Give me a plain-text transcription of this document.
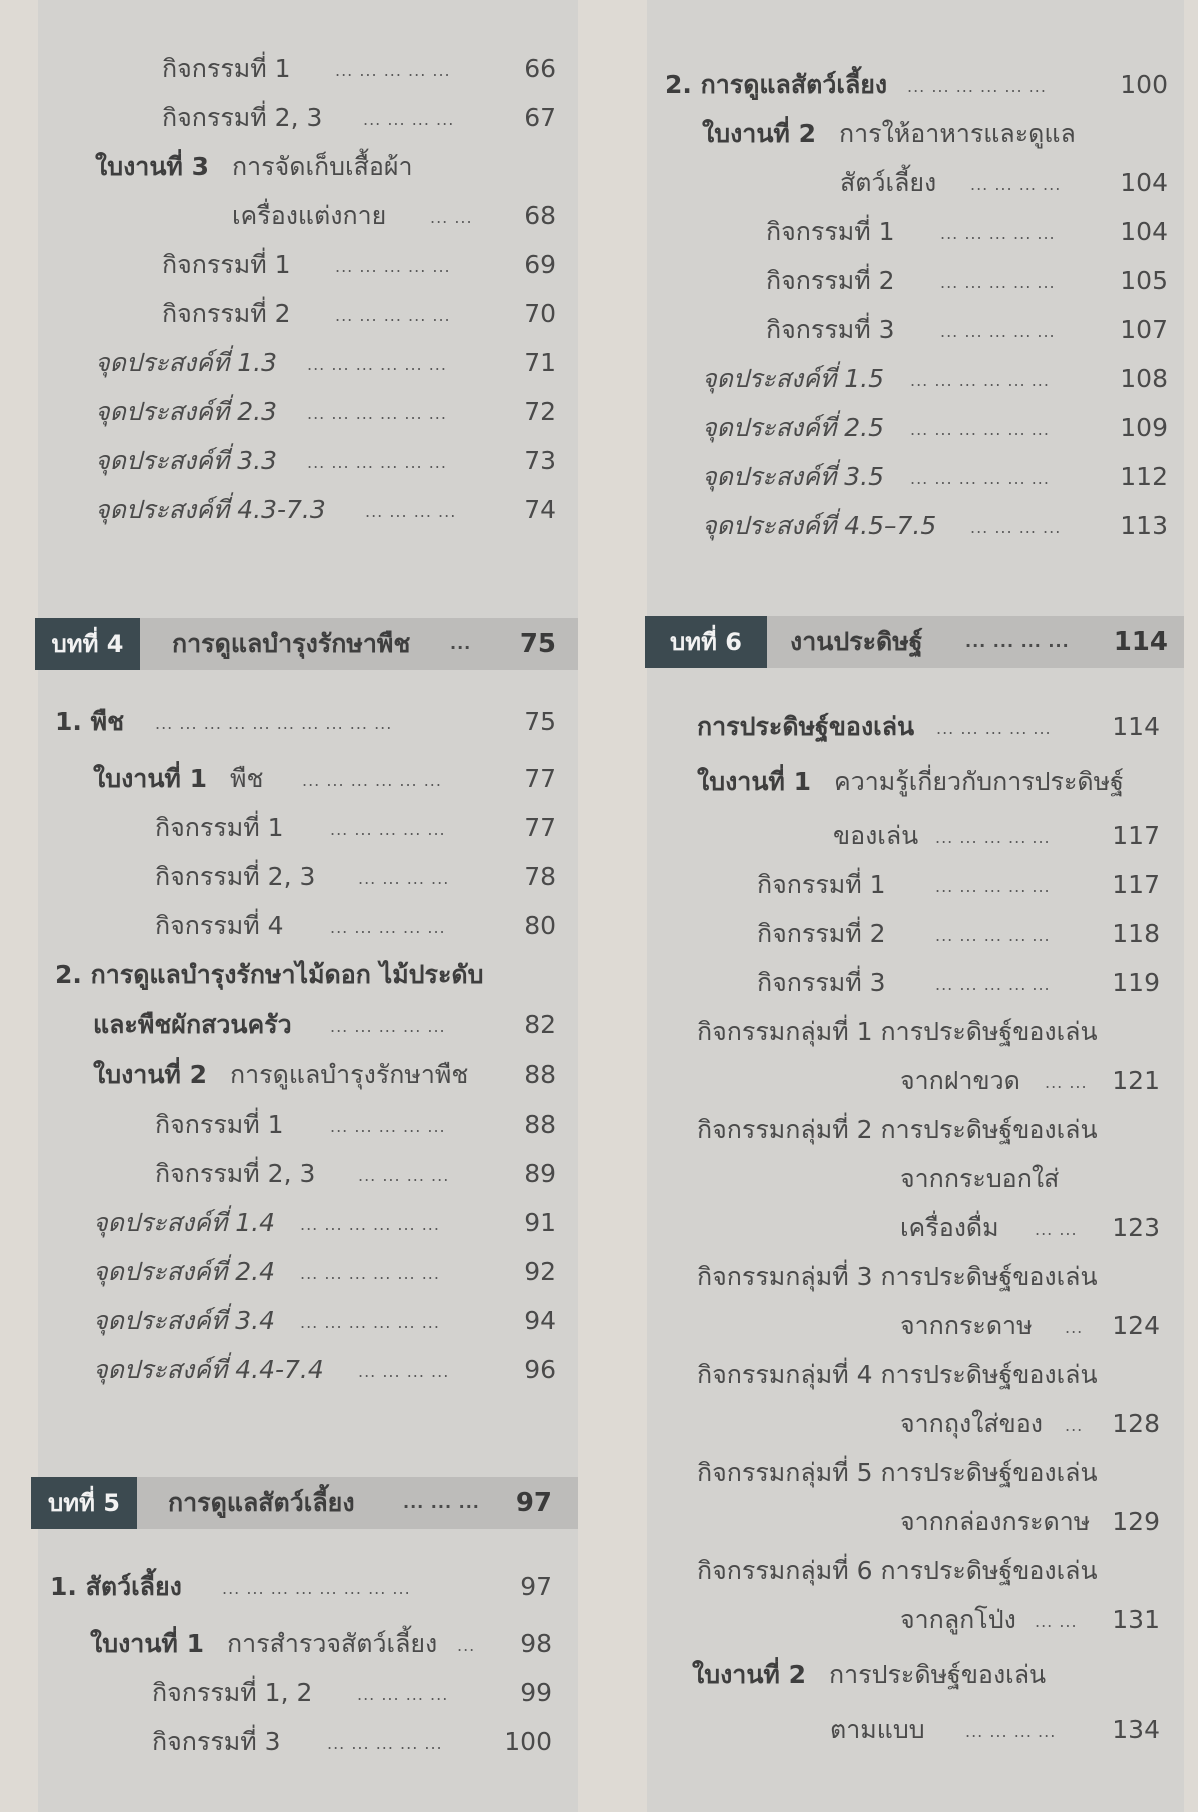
บทที่ 4	การดูแลบำรุงรักษาพืช ... 75
บทที่ 5	การดูแลสัตว์เลี้ยง	... ... ... 97
บทที่ 6	งานประดิษฐ์	... ... ... ... 114
กิจกรรมที่ 1	... ... ... ... ...	66
กิจกรรมที่ 2, 3	... ... ... ...	67
ใบงานที่ 3 การจัดเก็บเสื้อผ้า
เครื่องแต่งกาย	... ... 68
กิจกรรมที่ 1	... ... ... ... ...	69
กิจกรรมที่ 2	... ... ... ... ...	70
จุดประสงค์ที่ 1.3 ... ... ... ... ... ...	71
จุดประสงค์ที่ 2.3 ... ... ... ... ... ...	72
จุดประสงค์ที่ 3.3 ... ... ... ... ... ...	73
จุดประสงค์ที่ 4.3-7.3 ... ... ... ...	74
1. พืช ... ... ... ... ... ... ... ... ... ...	75
ใบงานที่ 1 พืช ... ... ... ... ... ...	77
กิจกรรมที่ 1	... ... ... ... ...	77
กิจกรรมที่ 2, 3	... ... ... ...	78
กิจกรรมที่ 4	... ... ... ... ...	80
2. การดูแลบำรุงรักษาไม้ดอก ไม้ประดับ
และพืชผักสวนครัว ... ... ... ... ...	82
ใบงานที่ 2 การดูแลบำรุงรักษาพืช 88
กิจกรรมที่ 1	... ... ... ... ...	88
กิจกรรมที่ 2, 3	... ... ... ...	89
จุดประสงค์ที่ 1.4 ... ... ... ... ... ...	91
จุดประสงค์ที่ 2.4 ... ... ... ... ... ...	92
จุดประสงค์ที่ 3.4 ... ... ... ... ... ...	94
จุดประสงค์ที่ 4.4-7.4 ... ... ... ...	96
1. สัตว์เลี้ยง	... ... ... ... ... ... ... ...	97
ใบงานที่ 1 การสำรวจสัตว์เลี้ยง ... 98
กิจกรรมที่ 1, 2	... ... ... ...	99
กิจกรรมที่ 3	... ... ... ... ... 100
2. การดูแลสัตว์เลี้ยง ... ... ... ... ... ...	100
ใบงานที่ 2 การให้อาหารและดูแล
สัตว์เลี้ยง ... ... ... ... 104
กิจกรรมที่ 1	... ... ... ... ...	104
กิจกรรมที่ 2	... ... ... ... ...	105
กิจกรรมที่ 3	... ... ... ... ...	107
จุดประสงค์ที่ 1.5 ... ... ... ... ... ...	108
จุดประสงค์ที่ 2.5 ... ... ... ... ... ...	109
จุดประสงค์ที่ 3.5 ... ... ... ... ... ...	112
จุดประสงค์ที่ 4.5–7.5 ... ... ... ... 113
การประดิษฐ์ของเล่น ... ... ... ... ... 114
ใบงานที่ 1 ความรู้เกี่ยวกับการประดิษฐ์
ของเล่น ... ... ... ... ... 117
กิจกรรมที่ 1	... ... ... ... ... 117
กิจกรรมที่ 2	... ... ... ... ... 118
กิจกรรมที่ 3	... ... ... ... ... 119
กิจกรรมกลุ่มที่ 1 การประดิษฐ์ของเล่น
จากฝาขวด ... ... 121
กิจกรรมกลุ่มที่ 2 การประดิษฐ์ของเล่น
จากกระบอกใส่
เครื่องดื่ม ... ... 123
กิจกรรมกลุ่มที่ 3 การประดิษฐ์ของเล่น
จากกระดาษ ... 124
กิจกรรมกลุ่มที่ 4 การประดิษฐ์ของเล่น
จากถุงใส่ของ ... 128
กิจกรรมกลุ่มที่ 5 การประดิษฐ์ของเล่น
จากกล่องกระดาษ 129
กิจกรรมกลุ่มที่ 6 การประดิษฐ์ของเล่น
จากลูกโป่ง ... ... 131
ใบงานที่ 2 การประดิษฐ์ของเล่น
ตามแบบ	... ... ... ... 134
